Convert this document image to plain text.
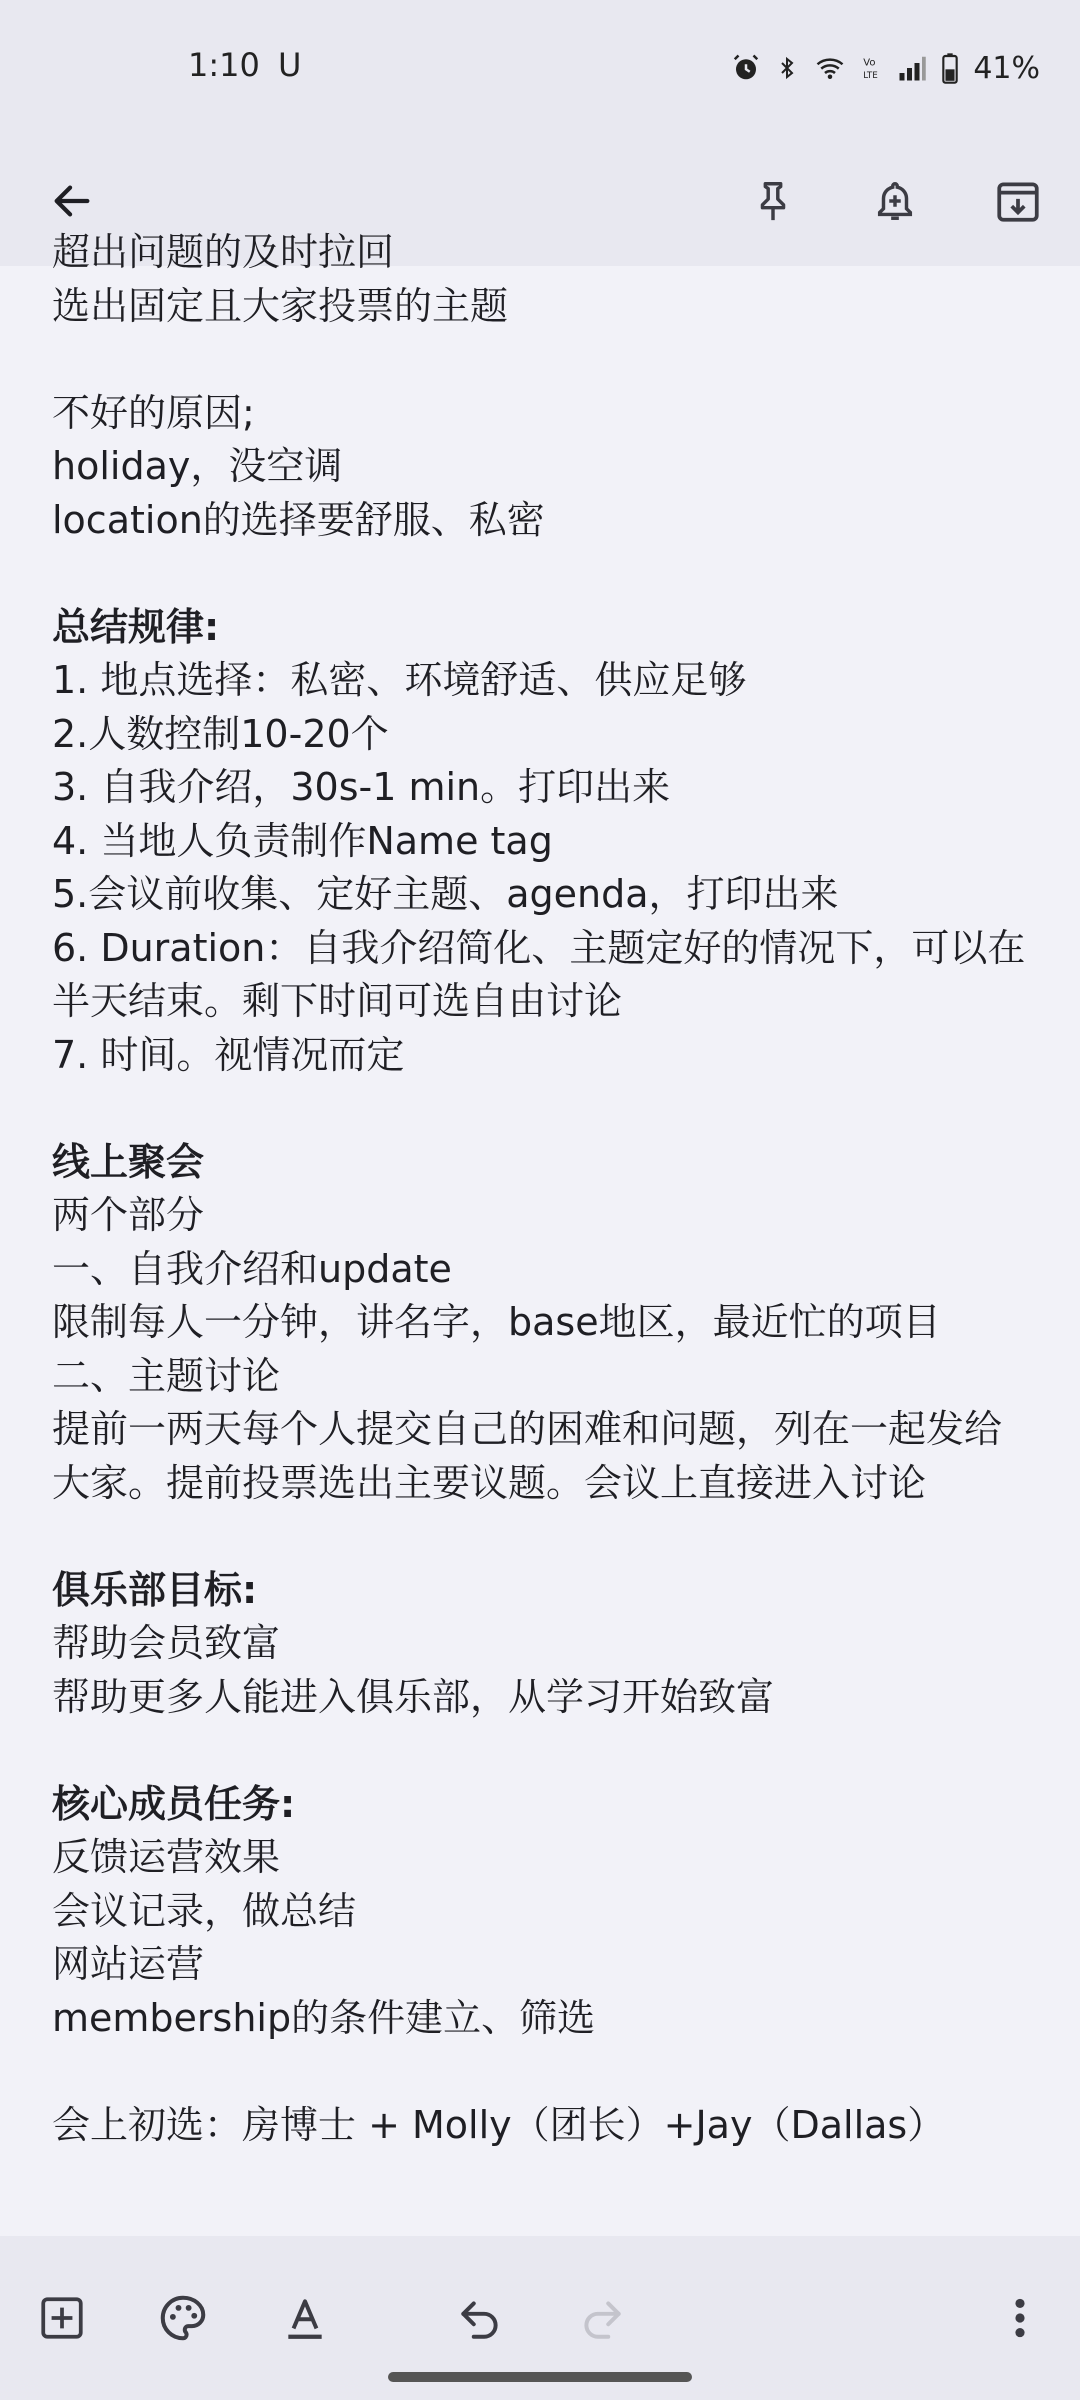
1:10 U	Vo
LTE	41%
超出问题的及时拉回
选出固定且大家投票的主题
不好的原因;
holiday，没空调
location的选择要舒服、私密
总结规律:
1. 地点选择：私密、环境舒适、供应足够
2.人数控制10-20个
3. 自我介绍，30s-1 min。打印出来
4. 当地人负责制作Name tag
5.会议前收集、定好主题、agenda，打印出来
6. Duration：自我介绍简化、主题定好的情况下，可以在
半天结束。剩下时间可选自由讨论
7. 时间。视情况而定
线上聚会
两个部分
一、自我介绍和update
限制每人一分钟，讲名字，base地区，最近忙的项目
二、主题讨论
提前一两天每个人提交自己的困难和问题，列在一起发给
大家。提前投票选出主要议题。会议上直接进入讨论
俱乐部目标:
帮助会员致富
帮助更多人能进入俱乐部，从学习开始致富
核心成员任务:
反馈运营效果
会议记录，做总结
网站运营
membership的条件建立、筛选
会上初选：房博士 + Molly（团长）+Jay（Dallas）
